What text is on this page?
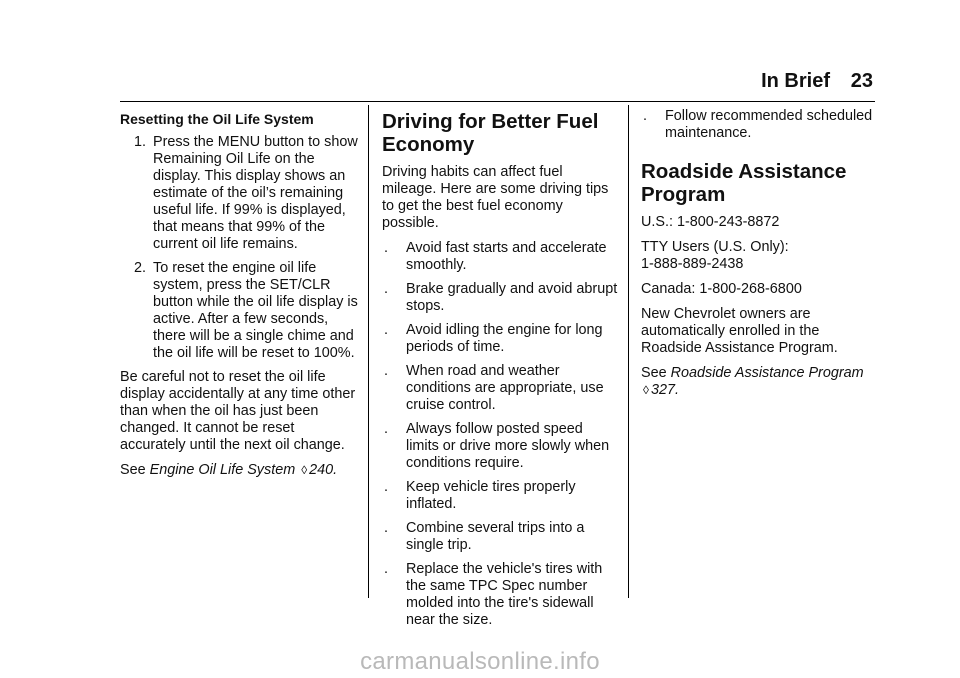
In Brief 23
Resetting the Oil Life System
1. Press the MENU button to show Remaining Oil Life on the display. This display shows an estimate of the oil’s remaining useful life. If 99% is displayed, that means that 99% of the current oil life remains.
2. To reset the engine oil life system, press the SET/CLR button while the oil life display is active. After a few seconds, there will be a single chime and the oil life will be reset to 100%.

Be careful not to reset the oil life display accidentally at any time other than when the oil has just been changed. It cannot be reset accurately until the next oil change.

See Engine Oil Life System ◊ 240.

Driving for Better Fuel Economy

Driving habits can affect fuel mileage. Here are some driving tips to get the best fuel economy possible.

.	Avoid fast starts and accelerate smoothly.
.	Brake gradually and avoid abrupt stops.
.	Avoid idling the engine for long periods of time.
.	When road and weather conditions are appropriate, use cruise control.
.	Always follow posted speed limits or drive more slowly when conditions require.
.	Keep vehicle tires properly inflated.
.	Combine several trips into a single trip.
.	Replace the vehicle's tires with the same TPC Spec number molded into the tire's sidewall near the size.
.	Follow recommended scheduled maintenance.
Roadside Assistance Program

U.S.: 1-800-243-8872

TTY Users (U.S. Only):
1-888-889-2438

Canada: 1-800-268-6800

New Chevrolet owners are automatically enrolled in the Roadside Assistance Program.

See Roadside Assistance Program
◊ 327.

carmanualsonline.info
